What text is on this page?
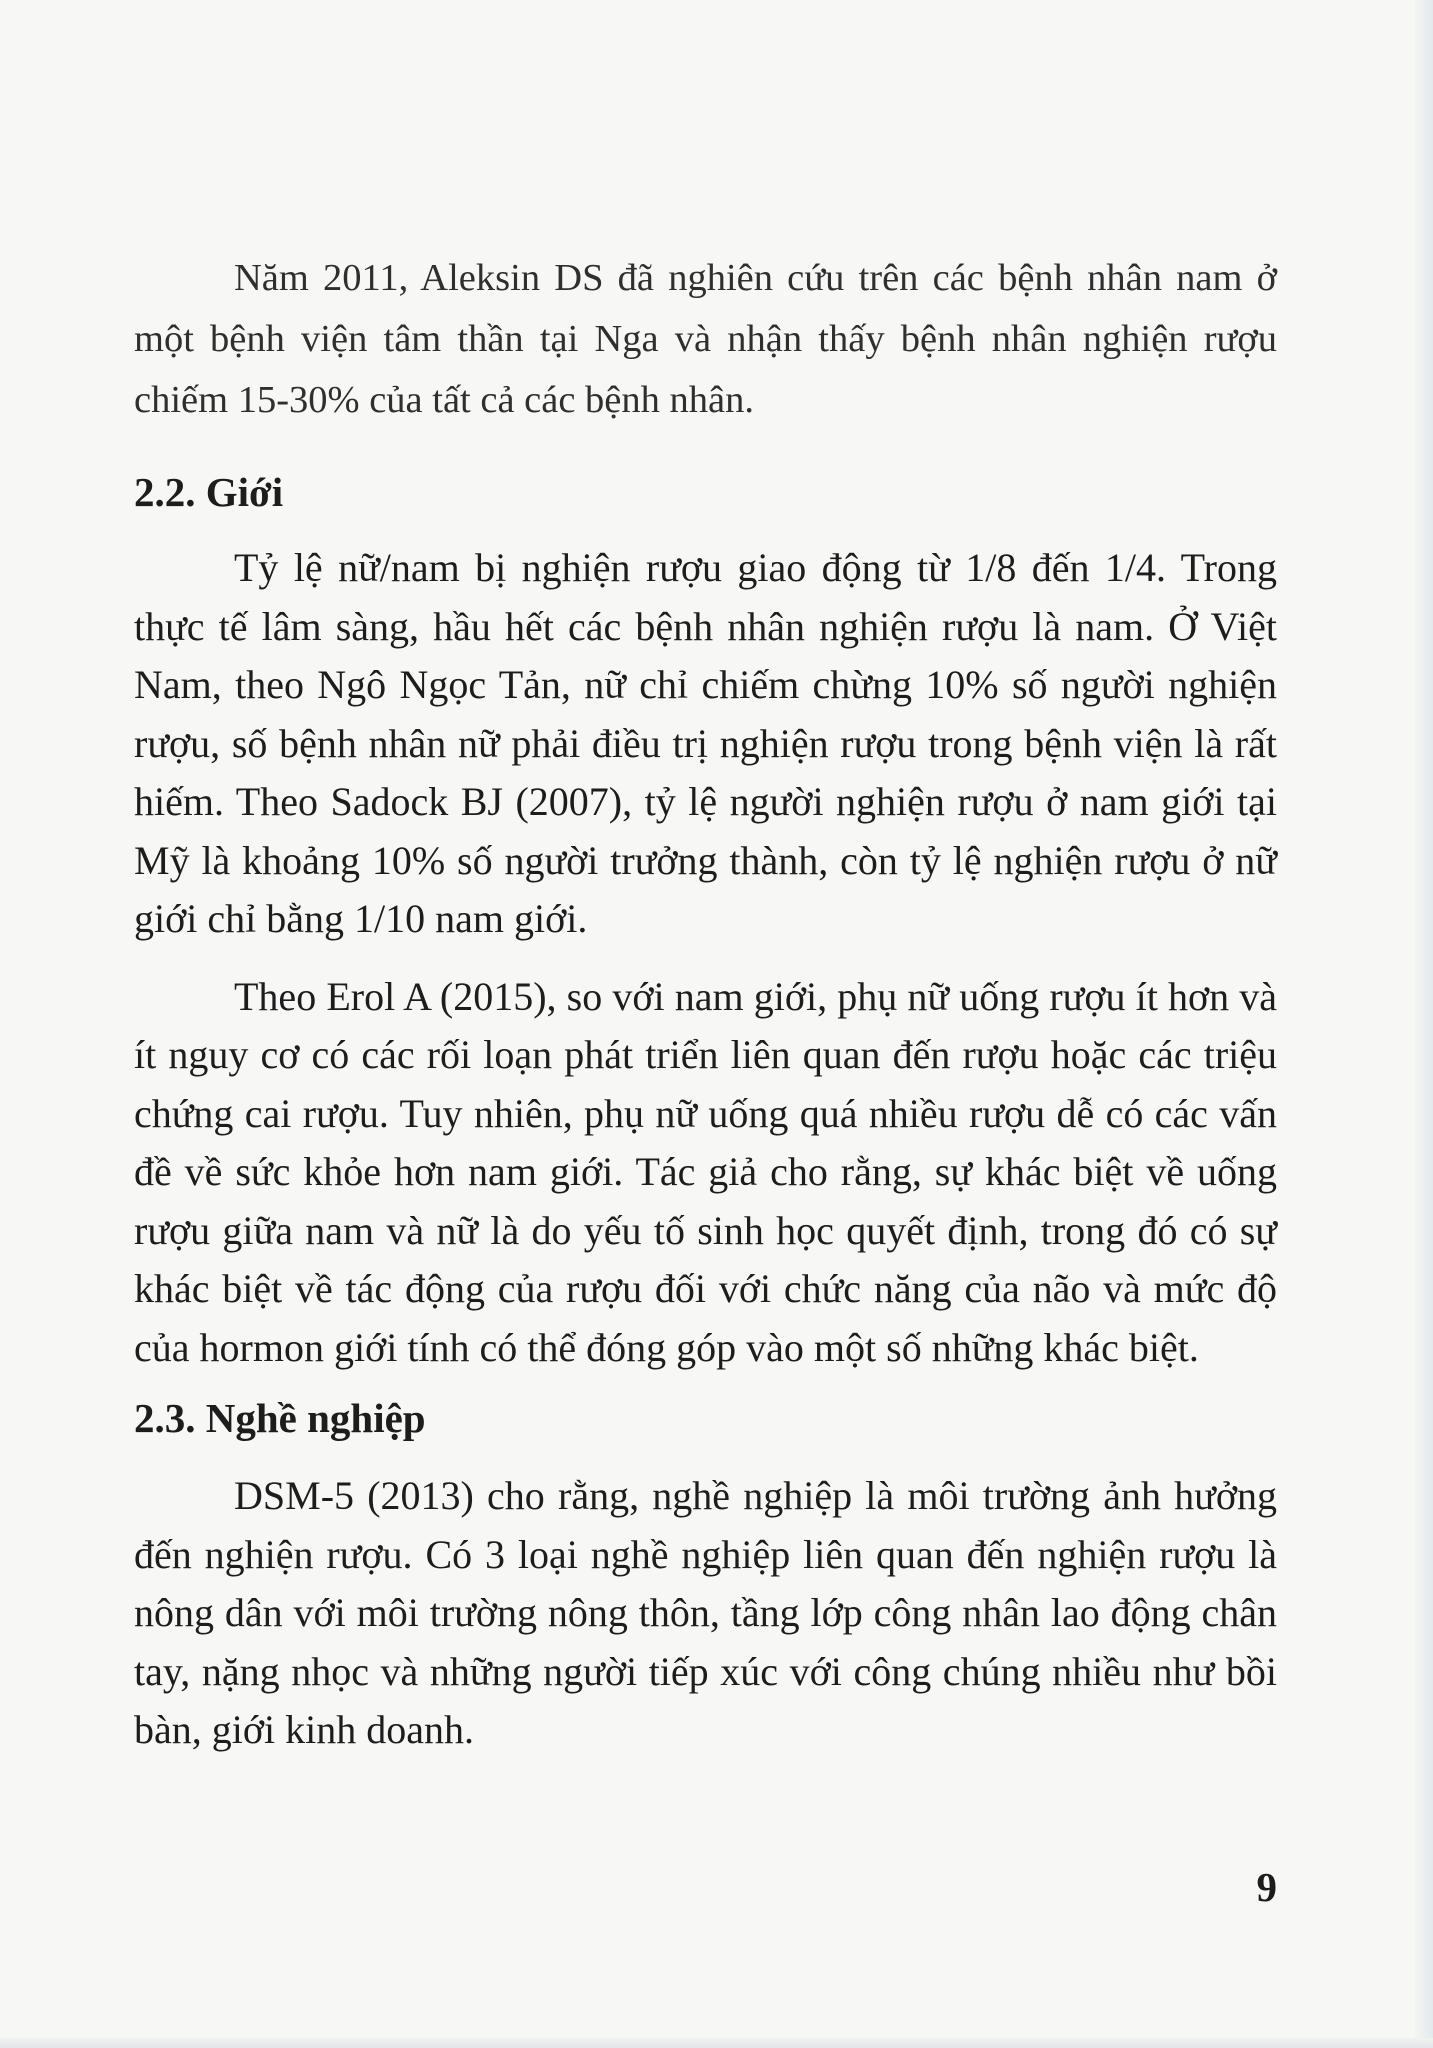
Năm 2011, Aleksin DS đã nghiên cứu trên các bệnh nhân nam ở một bệnh viện tâm thần tại Nga và nhận thấy bệnh nhân nghiện rượu chiếm 15-30% của tất cả các bệnh nhân.

2.2. Giới

Tỷ lệ nữ/nam bị nghiện rượu giao động từ 1/8 đến 1/4. Trong thực tế lâm sàng, hầu hết các bệnh nhân nghiện rượu là nam. Ở Việt Nam, theo Ngô Ngọc Tản, nữ chỉ chiếm chừng 10% số người nghiện rượu, số bệnh nhân nữ phải điều trị nghiện rượu trong bệnh viện là rất hiếm. Theo Sadock BJ (2007), tỷ lệ người nghiện rượu ở nam giới tại Mỹ là khoảng 10% số người trưởng thành, còn tỷ lệ nghiện rượu ở nữ giới chỉ bằng 1/10 nam giới.

Theo Erol A (2015), so với nam giới, phụ nữ uống rượu ít hơn và ít nguy cơ có các rối loạn phát triển liên quan đến rượu hoặc các triệu chứng cai rượu. Tuy nhiên, phụ nữ uống quá nhiều rượu dễ có các vấn đề về sức khỏe hơn nam giới. Tác giả cho rằng, sự khác biệt về uống rượu giữa nam và nữ là do yếu tố sinh học quyết định, trong đó có sự khác biệt về tác động của rượu đối với chức năng của não và mức độ của hormon giới tính có thể đóng góp vào một số những khác biệt.

2.3. Nghề nghiệp

DSM-5 (2013) cho rằng, nghề nghiệp là môi trường ảnh hưởng đến nghiện rượu. Có 3 loại nghề nghiệp liên quan đến nghiện rượu là nông dân với môi trường nông thôn, tầng lớp công nhân lao động chân tay, nặng nhọc và những người tiếp xúc với công chúng nhiều như bồi bàn, giới kinh doanh.

9
